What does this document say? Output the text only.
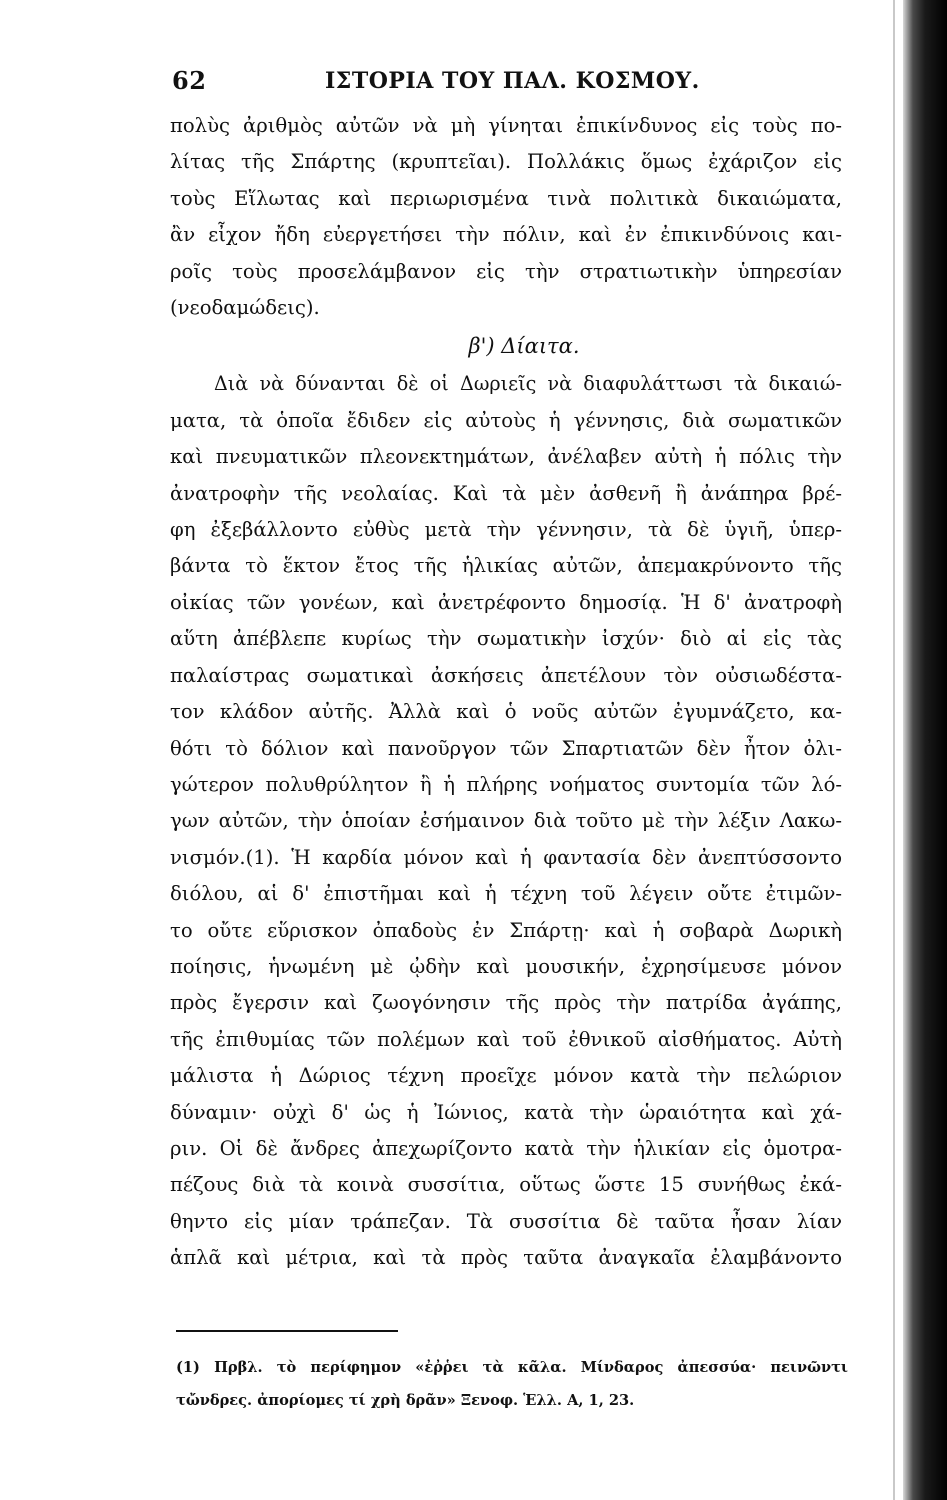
62	ΙΣΤΟΡΙΑ ΤΟΥ ΠΑΛ. ΚΟΣΜΟΥ.
πολὺς ἀριθμὸς αὐτῶν νὰ μὴ γίνηται ἐπικίνδυνος εἰς τοὺς πο-
λίτας τῆς Σπάρτης (κρυπτεῖαι). Πολλάκις ὅμως ἐχάριζον εἰς
τοὺς Εἵλωτας καὶ περιωρισμένα τινὰ πολιτικὰ δικαιώματα,
ἂν εἶχον ἤδη εὐεργετήσει τὴν πόλιν, καὶ ἐν ἐπικινδύνοις και-
ροῖς τοὺς προσελάμβανον εἰς τὴν στρατιωτικὴν ὑπηρεσίαν
(νεοδαμώδεις).
β') Δίαιτα.
Διὰ νὰ δύνανται δὲ οἱ Δωριεῖς νὰ διαφυλάττωσι τὰ δικαιώ-
ματα, τὰ ὁποῖα ἔδιδεν εἰς αὐτοὺς ἡ γέννησις, διὰ σωματικῶν
καὶ πνευματικῶν πλεονεκτημάτων, ἀνέλαβεν αὐτὴ ἡ πόλις τὴν
ἀνατροφὴν τῆς νεολαίας. Καὶ τὰ μὲν ἀσθενῆ ἢ ἀνάπηρα βρέ-
φη ἐξεβάλλοντο εὐθὺς μετὰ τὴν γέννησιν, τὰ δὲ ὑγιῆ, ὑπερ-
βάντα τὸ ἕκτον ἔτος τῆς ἡλικίας αὐτῶν, ἀπεμακρύνοντο τῆς
οἰκίας τῶν γονέων, καὶ ἀνετρέφοντο δημοσίᾳ. Ἡ δ' ἀνατροφὴ
αὕτη ἀπέβλεπε κυρίως τὴν σωματικὴν ἰσχύν· διὸ αἱ εἰς τὰς
παλαίστρας σωματικαὶ ἀσκήσεις ἀπετέλουν τὸν οὐσιωδέστα-
τον κλάδον αὐτῆς. Ἀλλὰ καὶ ὁ νοῦς αὐτῶν ἐγυμνάζετο, κα-
θότι τὸ δόλιον καὶ πανοῦργον τῶν Σπαρτιατῶν δὲν ἦτον ὀλι-
γώτερον πολυθρύλητον ἢ ἡ πλήρης νοήματος συντομία τῶν λό-
γων αὐτῶν, τὴν ὁποίαν ἐσήμαινον διὰ τοῦτο μὲ τὴν λέξιν Λακω-
νισμόν.(1). Ἡ καρδία μόνον καὶ ἡ φαντασία δὲν ἀνεπτύσσοντο
διόλου, αἱ δ' ἐπιστῆμαι καὶ ἡ τέχνη τοῦ λέγειν οὔτε ἐτιμῶν-
το οὔτε εὕρισκον ὀπαδοὺς ἐν Σπάρτῃ· καὶ ἡ σοβαρὰ Δωρικὴ
ποίησις, ἡνωμένη μὲ ᾠδὴν καὶ μουσικήν, ἐχρησίμευσε μόνον
πρὸς ἔγερσιν καὶ ζωογόνησιν τῆς πρὸς τὴν πατρίδα ἀγάπης,
τῆς ἐπιθυμίας τῶν πολέμων καὶ τοῦ ἐθνικοῦ αἰσθήματος. Αὐτὴ
μάλιστα ἡ Δώριος τέχνη προεῖχε μόνον κατὰ τὴν πελώριον
δύναμιν· οὐχὶ δ' ὡς ἡ Ἰώνιος, κατὰ τὴν ὡραιότητα καὶ χά-
ριν. Οἱ δὲ ἄνδρες ἀπεχωρίζοντο κατὰ τὴν ἡλικίαν εἰς ὁμοτρα-
πέζους διὰ τὰ κοινὰ συσσίτια, οὕτως ὥστε 15 συνήθως ἐκά-
θηντο εἰς μίαν τράπεζαν. Τὰ συσσίτια δὲ ταῦτα ἦσαν λίαν
ἁπλᾶ καὶ μέτρια, καὶ τὰ πρὸς ταῦτα ἀναγκαῖα ἐλαμβάνοντο
(1) Πρβλ. τὸ περίφημον «ἐῤῥει τὰ κᾶλα. Μίνδαρος ἀπεσσύα· πεινῶντι
τὤνδρες. ἀπορίομες τί χρὴ δρᾶν» Ξενοφ. Ἑλλ. Α, 1, 23.
